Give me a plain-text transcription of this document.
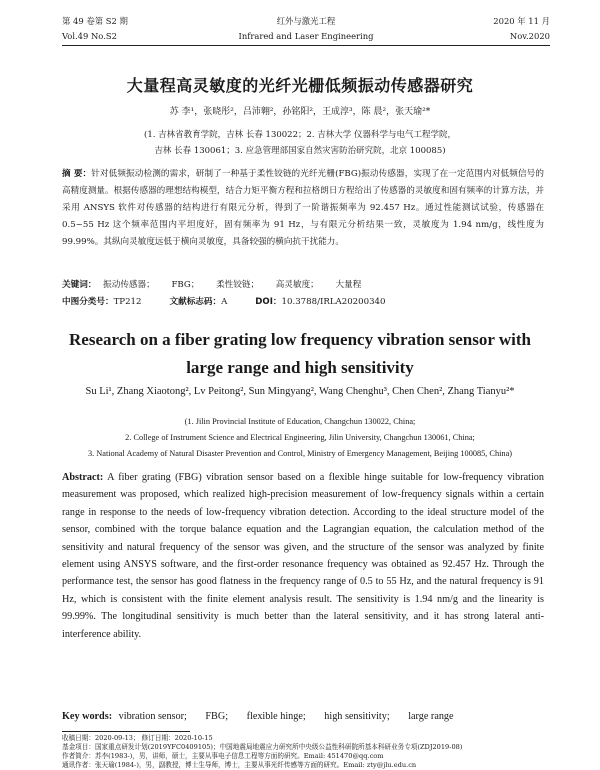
第 49 卷第 S2 期	红外与激光工程	2020 年 11 月
Vol.49 No.S2	Infrared and Laser Engineering	Nov.2020
大量程高灵敏度的光纤光栅低频振动传感器研究
苏 李¹，张晓彤²，吕沛翱²，孙铭阳²，王成淳³，陈 晨²，张天瑜²*
(1. 吉林省教育学院，吉林 长春 130022；2. 吉林大学 仪器科学与电气工程学院，
吉林 长春 130061；3. 应急管理部国家自然灾害防治研究院，北京 100085)
摘 要：针对低频振动检测的需求，研制了一种基于柔性铰链的光纤光栅(FBG)振动传感器，实现了在一定范围内对低频信号的高精度测量。根据传感器的理想结构模型，结合力矩平衡方程和拉格朗日方程给出了传感器的灵敏度和固有频率的计算方法，并采用 ANSYS 软件对传感器的结构进行有限元分析，得到了一阶谐振频率为 92.457 Hz。通过性能测试试验，传感器在 0.5~55 Hz 这个频率范围内平坦度好，固有频率为 91 Hz，与有限元分析结果一致，灵敏度为 1.94 nm/g，线性度为 99.99%。其纵向灵敏度远低于横向灵敏度，具备较强的横向抗干扰能力。
关键词： 振动传感器； FBG； 柔性铰链； 高灵敏度； 大量程
中图分类号：TP212	文献标志码：A	DOI：10.3788/IRLA20200340
Research on a fiber grating low frequency vibration sensor with large range and high sensitivity
Su Li¹, Zhang Xiaotong², Lv Peitong², Sun Mingyang², Wang Chenghu³, Chen Chen², Zhang Tianyu²*
(1. Jilin Provincial Institute of Education, Changchun 130022, China;
2. College of Instrument Science and Electrical Engineering, Jilin University, Changchun 130061, China;
3. National Academy of Natural Disaster Prevention and Control, Ministry of Emergency Management, Beijing 100085, China)
Abstract: A fiber grating (FBG) vibration sensor based on a flexible hinge suitable for low-frequency vibration measurement was proposed, which realized high-precision measurement of low-frequency signals within a certain range in response to the needs of low-frequency vibration detection. According to the ideal structure model of the sensor, combined with the torque balance equation and the Lagrangian equation, the calculation method of the sensitivity and natural frequency of the sensor was given, and the structure of the sensor was analyzed by finite element using ANSYS software, and the first-order resonance frequency was obtained as 92.457 Hz. Through the performance test, the sensor has good flatness in the frequency range of 0.5 to 55 Hz, and the natural frequency is 91 Hz, which is consistent with the finite element analysis result. The sensitivity is 1.94 nm/g and the linearity is 99.99%. The longitudinal sensitivity is much better than the lateral sensitivity, and it has strong lateral anti-interference ability.
Key words: vibration sensor; FBG; flexible hinge; high sensitivity; large range
收稿日期：2020-09-13； 修订日期：2020-10-15
基金项目：国家重点研发计划(2019YFC0409105)；中国地震局地震应力研究所中央级公益性科研院所基本科研业务专项(ZDJ2019-08)
作者简介：苏李(1983-)，男，讲师，硕士，主要从事电子信息工程等方面的研究。Email: 451470@qq.com
通讯作者：张天瑜(1984-)，男，副教授，博士生导师，博士，主要从事光纤传感等方面的研究。Email: zty@jlu.edu.cn
